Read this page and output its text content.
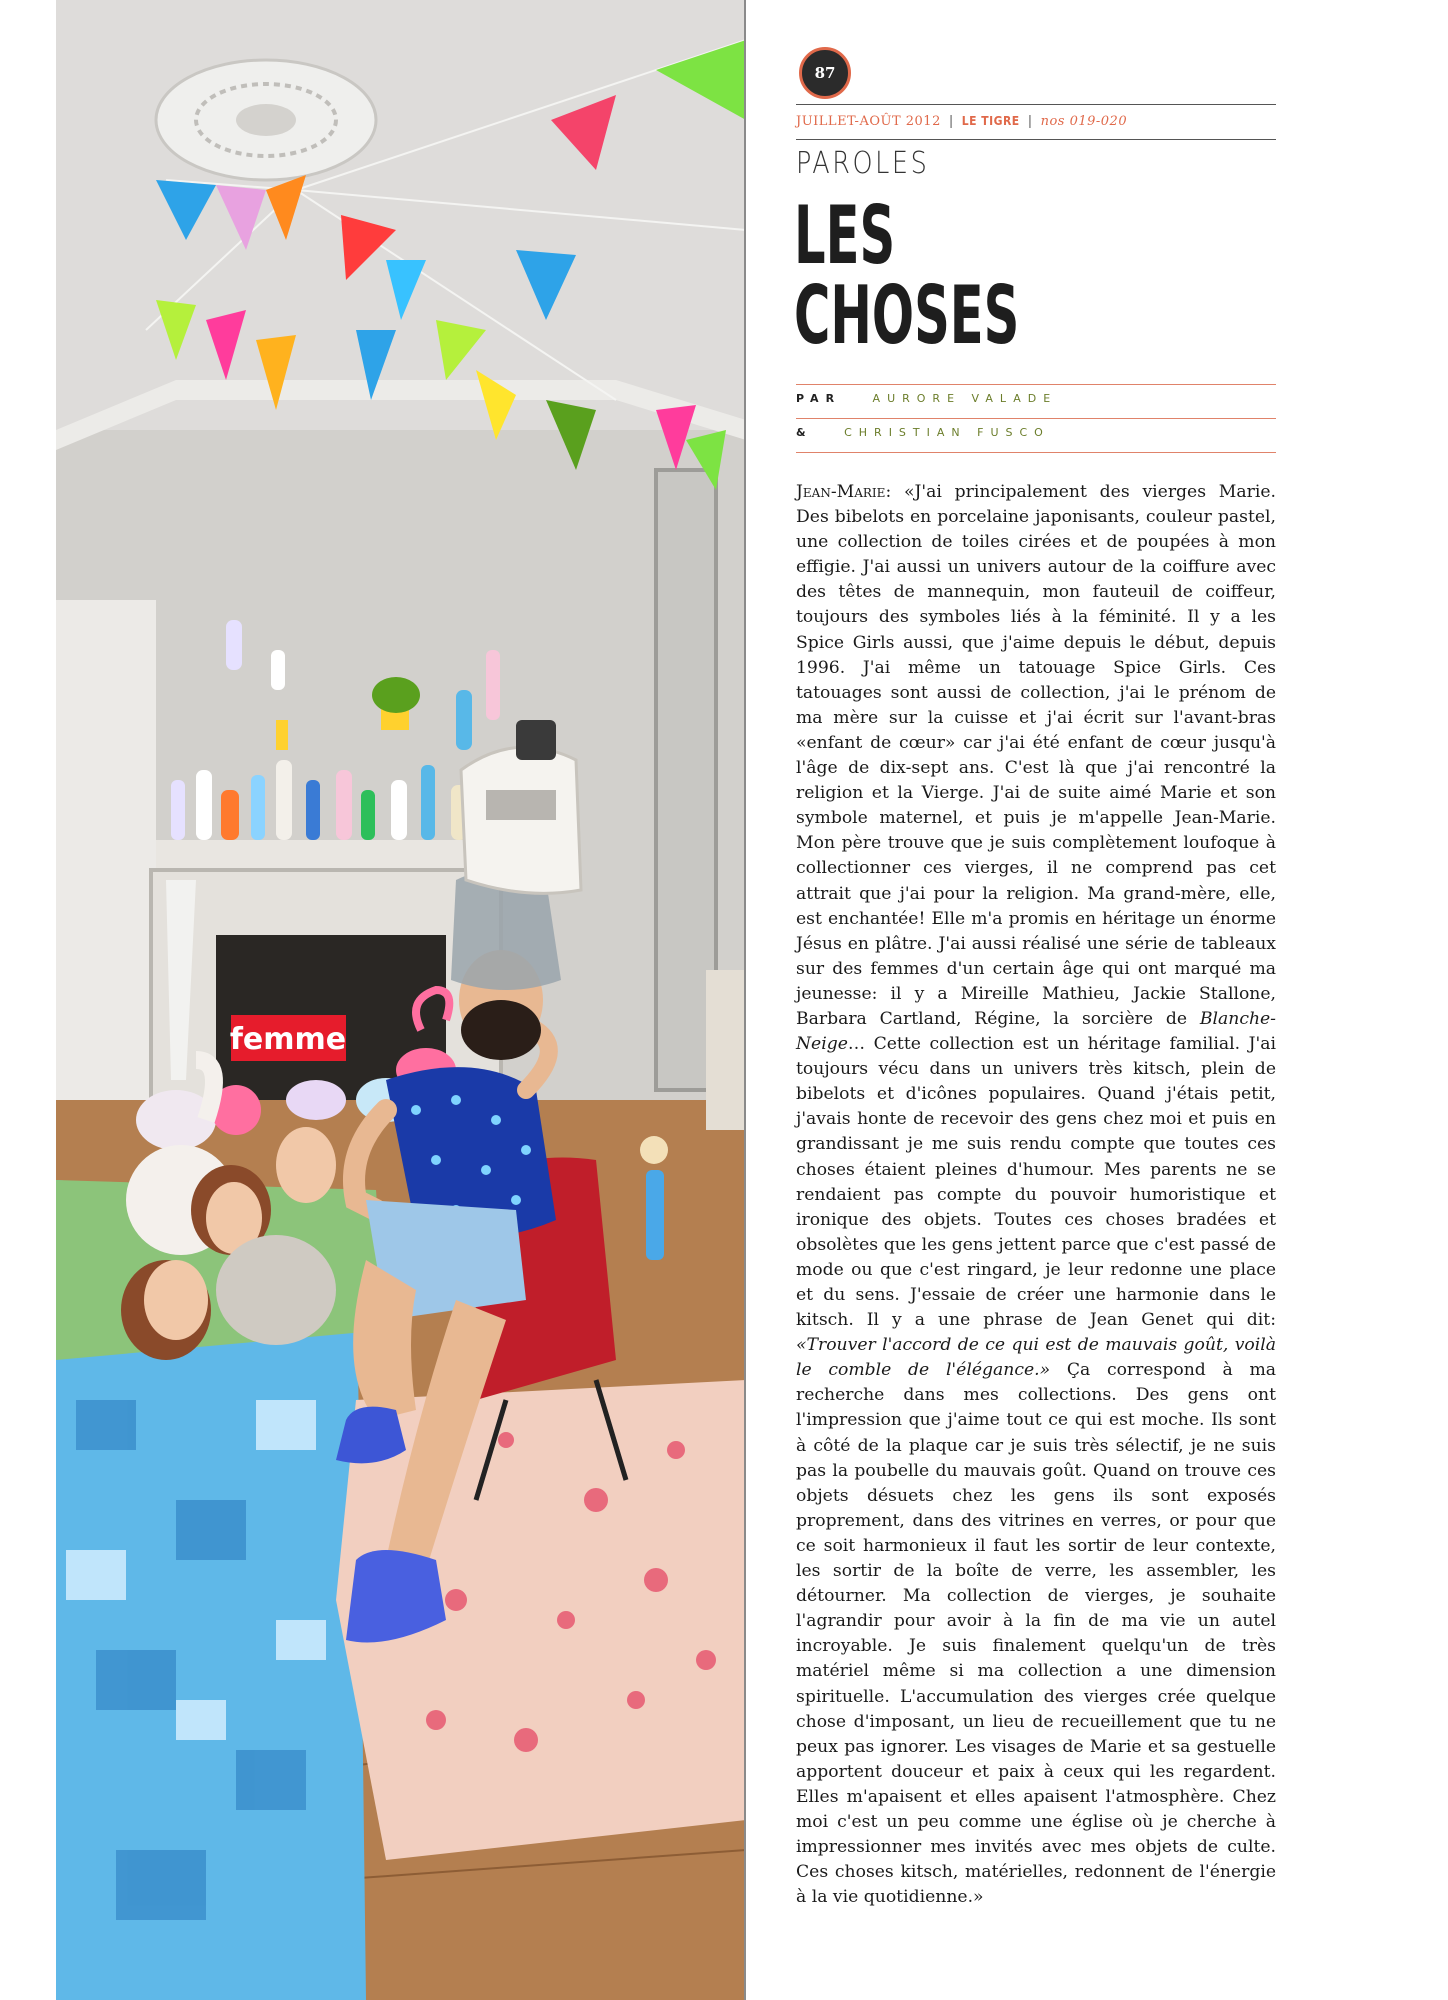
femme
87
JUILLET-AOÛT 2012 | LE TIGRE | nos 019-020
PAROLES
LES
CHOSES
PAR	AURORE VALADE
&	CHRISTIAN FUSCO
Jean-Marie: «J'ai principalement des vierges Marie. Des bibelots en porcelaine japonisants, couleur pastel, une collection de toiles cirées et de poupées à mon effigie. J'ai aussi un univers autour de la coiffure avec des têtes de mannequin, mon fauteuil de coiffeur, toujours des symboles liés à la féminité. Il y a les Spice Girls aussi, que j'aime depuis le début, depuis 1996. J'ai même un tatouage Spice Girls. Ces tatouages sont aussi de collection, j'ai le prénom de ma mère sur la cuisse et j'ai écrit sur l'avant-bras «enfant de cœur» car j'ai été enfant de cœur jusqu'à l'âge de dix-sept ans. C'est là que j'ai rencontré la religion et la Vierge. J'ai de suite aimé Marie et son symbole maternel, et puis je m'appelle Jean-Marie. Mon père trouve que je suis complètement loufoque à collectionner ces vierges, il ne comprend pas cet attrait que j'ai pour la religion. Ma grand-mère, elle, est enchantée! Elle m'a promis en héritage un énorme Jésus en plâtre. J'ai aussi réalisé une série de tableaux sur des femmes d'un certain âge qui ont marqué ma jeunesse: il y a Mireille Mathieu, Jackie Stallone, Barbara Cartland, Régine, la sorcière de Blanche-Neige… Cette collection est un héritage familial. J'ai toujours vécu dans un univers très kitsch, plein de bibelots et d'icônes populaires. Quand j'étais petit, j'avais honte de recevoir des gens chez moi et puis en grandissant je me suis rendu compte que toutes ces choses étaient pleines d'humour. Mes parents ne se rendaient pas compte du pouvoir humoristique et ironique des objets. Toutes ces choses bradées et obsolètes que les gens jettent parce que c'est passé de mode ou que c'est ringard, je leur redonne une place et du sens. J'essaie de créer une harmonie dans le kitsch. Il y a une phrase de Jean Genet qui dit: «Trouver l'accord de ce qui est de mauvais goût, voilà le comble de l'élégance.» Ça correspond à ma recherche dans mes collections. Des gens ont l'impression que j'aime tout ce qui est moche. Ils sont à côté de la plaque car je suis très sélectif, je ne suis pas la poubelle du mauvais goût. Quand on trouve ces objets désuets chez les gens ils sont exposés proprement, dans des vitrines en verres, or pour que ce soit harmonieux il faut les sortir de leur contexte, les sortir de la boîte de verre, les assembler, les détourner. Ma collection de vierges, je souhaite l'agrandir pour avoir à la fin de ma vie un autel incroyable. Je suis finalement quelqu'un de très matériel même si ma collection a une dimension spirituelle. L'accumulation des vierges crée quelque chose d'imposant, un lieu de recueillement que tu ne peux pas ignorer. Les visages de Marie et sa gestuelle apportent douceur et paix à ceux qui les regardent. Elles m'apaisent et elles apaisent l'atmosphère. Chez moi c'est un peu comme une église où je cherche à impressionner mes invités avec mes objets de culte. Ces choses kitsch, matérielles, redonnent de l'énergie à la vie quotidienne.»
